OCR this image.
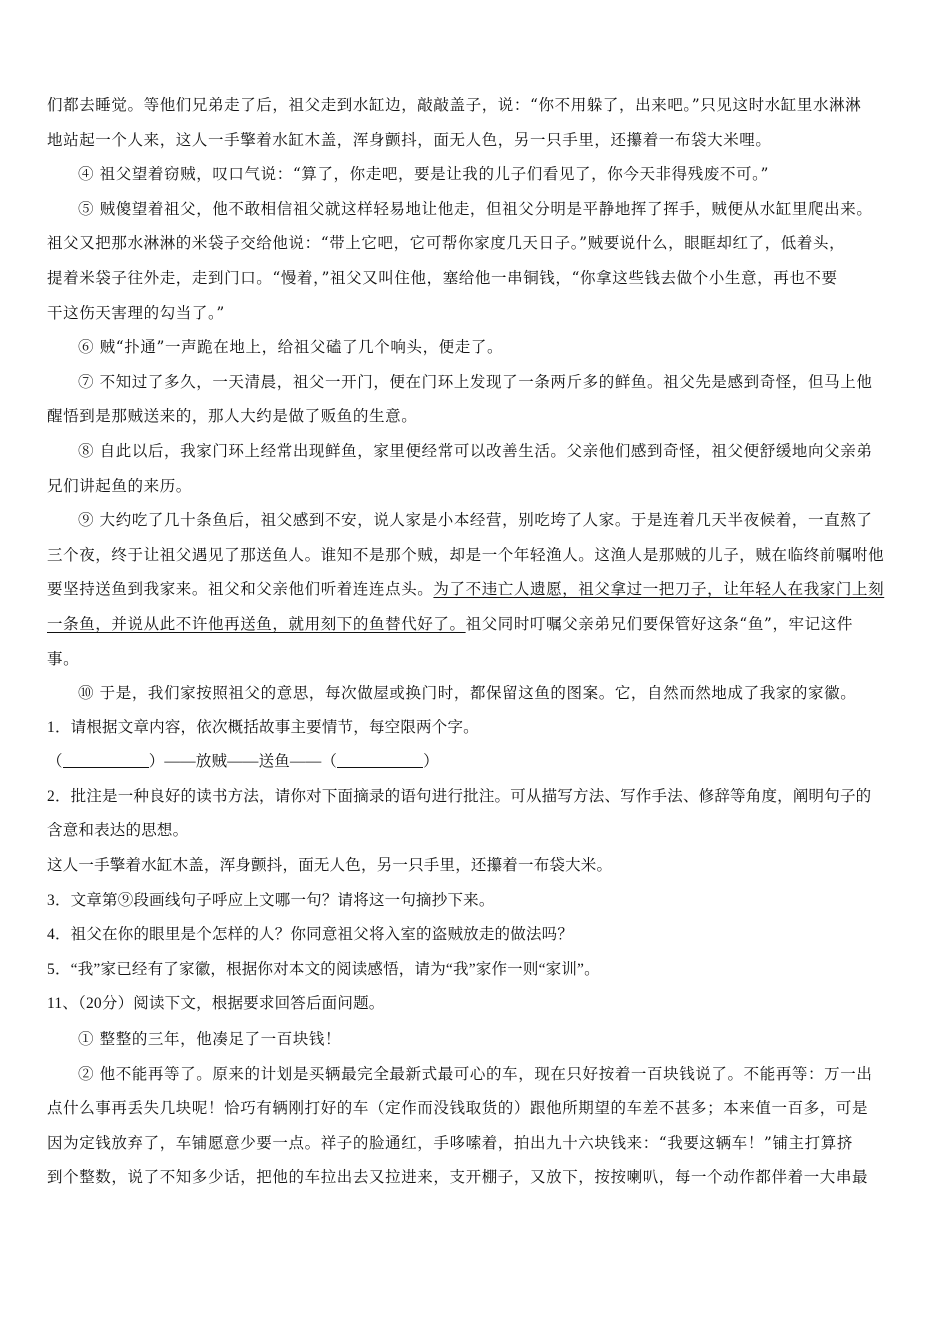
们都去睡觉。等他们兄弟走了后，祖父走到水缸边，敲敲盖子，说：“你不用躲了，出来吧。”只见这时水缸里水淋淋
地站起一个人来，这人一手擎着水缸木盖，浑身颤抖，面无人色，另一只手里，还攥着一布袋大米哩。
④ 祖父望着窃贼，叹口气说：“算了，你走吧，要是让我的儿子们看见了，你今天非得残废不可。”
⑤ 贼傻望着祖父，他不敢相信祖父就这样轻易地让他走，但祖父分明是平静地挥了挥手，贼便从水缸里爬出来。
祖父又把那水淋淋的米袋子交给他说：“带上它吧，它可帮你家度几天日子。”贼要说什么，眼眶却红了，低着头，
提着米袋子往外走，走到门口。“慢着，”祖父又叫住他，塞给他一串铜钱，“你拿这些钱去做个小生意，再也不要
干这伤天害理的勾当了。”
⑥ 贼“扑通”一声跪在地上，给祖父磕了几个响头，便走了。
⑦ 不知过了多久，一天清晨，祖父一开门，便在门环上发现了一条两斤多的鲜鱼。祖父先是感到奇怪，但马上他
醒悟到是那贼送来的，那人大约是做了贩鱼的生意。
⑧ 自此以后，我家门环上经常出现鲜鱼，家里便经常可以改善生活。父亲他们感到奇怪，祖父便舒缓地向父亲弟
兄们讲起鱼的来历。
⑨ 大约吃了几十条鱼后，祖父感到不安，说人家是小本经营，别吃垮了人家。于是连着几天半夜候着，一直熬了
三个夜，终于让祖父遇见了那送鱼人。谁知不是那个贼，却是一个年轻渔人。这渔人是那贼的儿子，贼在临终前嘱咐他
要坚持送鱼到我家来。祖父和父亲他们听着连连点头。为了不违亡人遗愿，祖父拿过一把刀子，让年轻人在我家门上刻
一条鱼，并说从此不许他再送鱼，就用刻下的鱼替代好了。祖父同时叮嘱父亲弟兄们要保管好这条“鱼”，牢记这件
事。
⑩ 于是，我们家按照祖父的意思，每次做屋或换门时，都保留这鱼的图案。它，自然而然地成了我家的家徽。
1．请根据文章内容，依次概括故事主要情节，每空限两个字。
（	）——放贼——送鱼——（	）
2．批注是一种良好的读书方法，请你对下面摘录的语句进行批注。可从描写方法、写作手法、修辞等角度，阐明句子的
含意和表达的思想。
这人一手擎着水缸木盖，浑身颤抖，面无人色，另一只手里，还攥着一布袋大米。
3．文章第⑨段画线句子呼应上文哪一句？请将这一句摘抄下来。
4．祖父在你的眼里是个怎样的人？你同意祖父将入室的盗贼放走的做法吗？
5．“我”家已经有了家徽，根据你对本文的阅读感悟，请为“我”家作一则“家训”。
11、（20分）阅读下文，根据要求回答后面问题。
① 整整的三年，他凑足了一百块钱！
② 他不能再等了。原来的计划是买辆最完全最新式最可心的车，现在只好按着一百块钱说了。不能再等：万一出
点什么事再丢失几块呢！恰巧有辆刚打好的车（定作而没钱取货的）跟他所期望的车差不甚多；本来值一百多，可是
因为定钱放弃了，车铺愿意少要一点。祥子的脸通红，手哆嗦着，拍出九十六块钱来：“我要这辆车！”铺主打算挤
到个整数，说了不知多少话，把他的车拉出去又拉进来，支开棚子，又放下，按按喇叭，每一个动作都伴着一大串最
